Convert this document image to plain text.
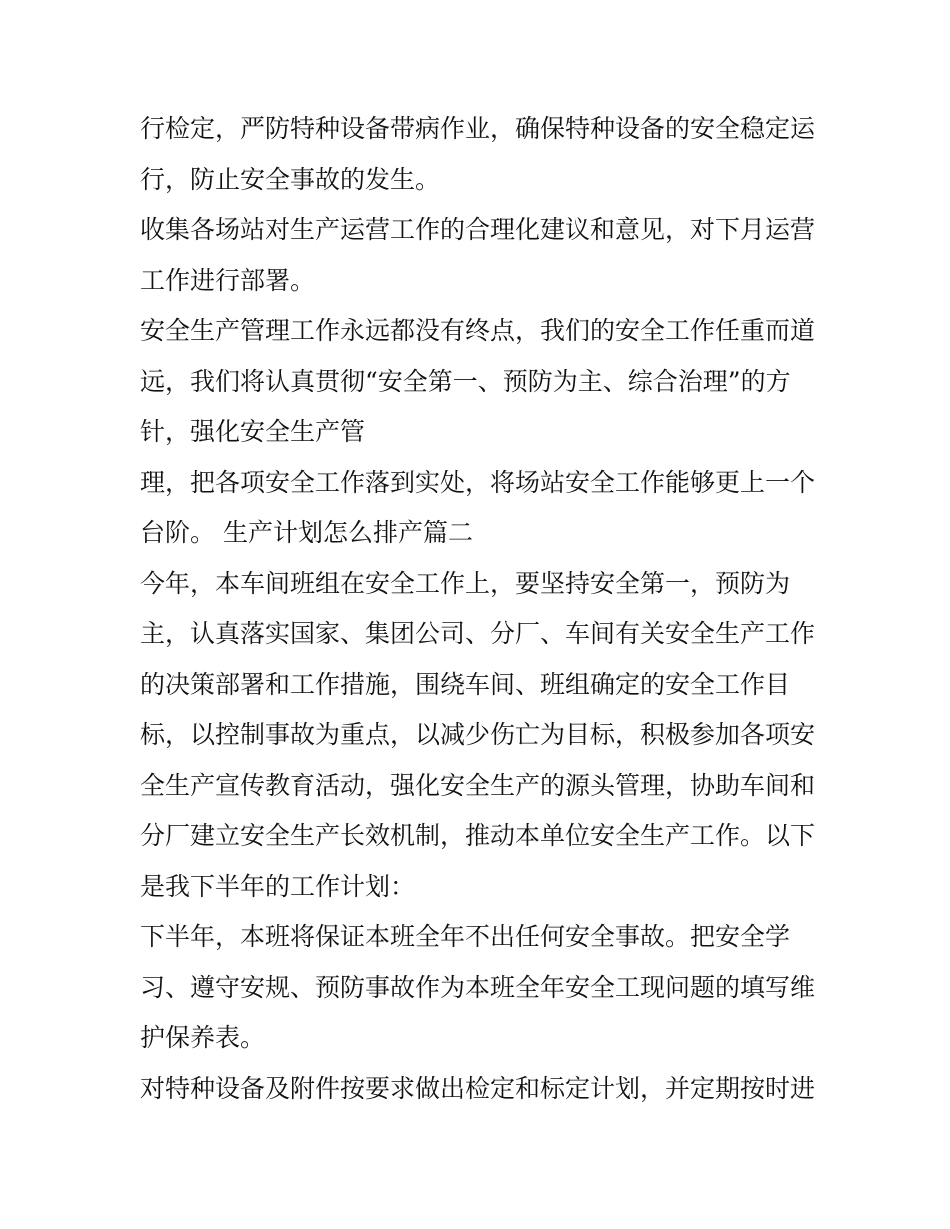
行检定，严防特种设备带病作业，确保特种设备的安全稳定运
行，防止安全事故的发生。
收集各场站对生产运营工作的合理化建议和意见，对下月运营
工作进行部署。
安全生产管理工作永远都没有终点，我们的安全工作任重而道
远，我们将认真贯彻“安全第一、预防为主、综合治理”的方
针，强化安全生产管
理，把各项安全工作落到实处，将场站安全工作能够更上一个
台阶。 生产计划怎么排产篇二
今年，本车间班组在安全工作上，要坚持安全第一，预防为
主，认真落实国家、集团公司、分厂、车间有关安全生产工作
的决策部署和工作措施，围绕车间、班组确定的安全工作目
标，以控制事故为重点，以减少伤亡为目标，积极参加各项安
全生产宣传教育活动，强化安全生产的源头管理，协助车间和
分厂建立安全生产长效机制，推动本单位安全生产工作。以下
是我下半年的工作计划：
下半年，本班将保证本班全年不出任何安全事故。把安全学
习、遵守安规、预防事故作为本班全年安全工现问题的填写维
护保养表。
对特种设备及附件按要求做出检定和标定计划，并定期按时进
